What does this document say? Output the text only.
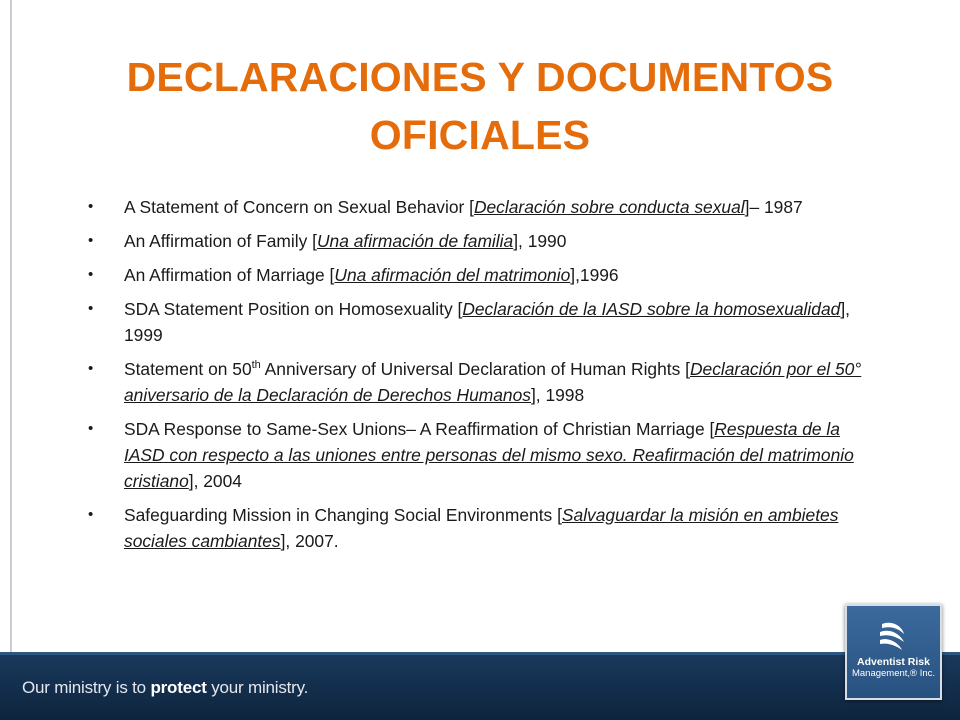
DECLARACIONES Y DOCUMENTOS
OFICIALES
• A Statement of Concern on Sexual Behavior [Declaración sobre conducta sexual]– 1987
• An Affirmation of Family [Una afirmación de familia], 1990
• An Affirmation of Marriage [Una afirmación del matrimonio],1996
• SDA Statement Position on Homosexuality [Declaración de la IASD sobre la homosexualidad], 1999
• Statement on 50th Anniversary of Universal Declaration of Human Rights [Declaración por el 50° aniversario de la Declaración de Derechos Humanos], 1998
• SDA Response to Same-Sex Unions– A Reaffirmation of Christian Marriage [Respuesta de la IASD con respecto a las uniones entre personas del mismo sexo. Reafirmación del matrimonio cristiano], 2004
• Safeguarding Mission in Changing Social Environments [Salvaguardar la misión en ambietes sociales cambiantes], 2007.
Our ministry is to protect your ministry.
Adventist Risk
Management,® Inc.
